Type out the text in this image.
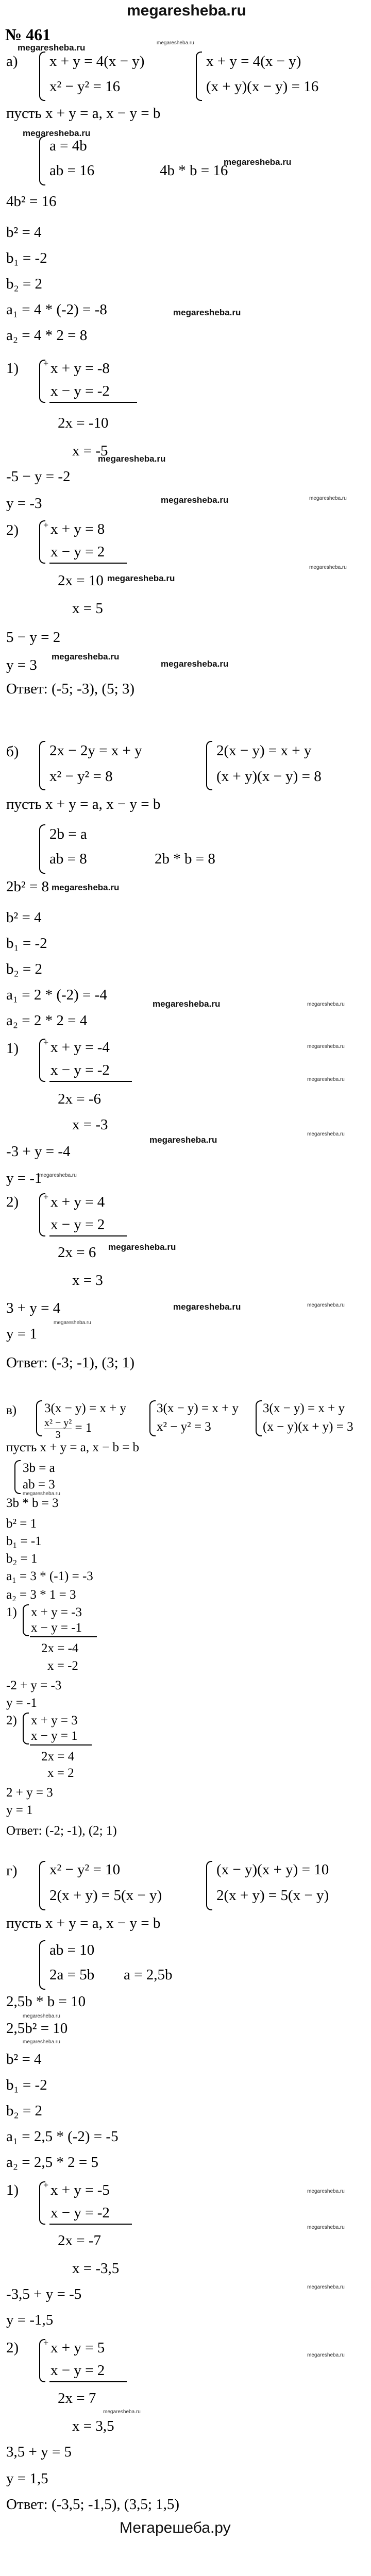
megaresheba.ru
№ 461
megaresheba.ru	megaresheba.ru
а) x + y = 4(x − y)
x² − y² = 16
x + y = 4(x − y)
(x + y)(x − y) = 16
пусть x + y = a, x − y = b
megaresheba.ru
a = 4b
ab = 16	4b * b = 16
megaresheba.ru
4b² = 16
b² = 4
b₁ = -2
b₂ = 2
a₁ = 4 * (-2) = -8	megaresheba.ru
a₂ = 4 * 2 = 8
1)	+ x + y = -8
x − y = -2
2x = -10
x = -5
megaresheba.ru
-5 − y = -2
y = -3	megaresheba.ru	megaresheba.ru
2)	+ x + y = 8
x − y = 2
2x = 10 megaresheba.ru
megaresheba.ru
x = 5
5 − y = 2
y = 3
megaresheba.ru
megaresheba.ru
Ответ: (-5; -3), (5; 3)
б) 2x − 2y = x + y
x² − y² = 8
2(x − y) = x + y
(x + y)(x − y) = 8
пусть x + y = a, x − y = b
2b = a
ab = 8	2b * b = 8
2b² = 8 megaresheba.ru
b² = 4
b₁ = -2
b₂ = 2
a₁ = 2 * (-2) = -4
a₂ = 2 * 2 = 4
megaresheba.ru	megaresheba.ru
1)	+ x + y = -4
x − y = -2
2x = -6
megaresheba.ru
megaresheba.ru
x = -3
-3 + y = -4
megaresheba.ru
megaresheba.ru
y = -1
megaresheba.ru
2)	+ x + y = 4
x − y = 2
2x = 6 megaresheba.ru
x = 3
3 + y = 4	megaresheba.ru	megaresheba.ru
megaresheba.ru
y = 1
Ответ: (-3; -1), (3; 1)
в) 3(x − y) = x + y
$\frac{\text{x² − y²}}{3} = 1$
3(x − y) = x + y
x² − y² = 3
3(x − y) = x + y
(x − y)(x + y) = 3
пусть x + y = a, x − b = b
3b = a
ab = 3
megaresheba.ru
3b * b = 3
b² = 1
b₁ = -1
b₂ = 1
a₁ = 3 * (-1) = -3
a₂ = 3 * 1 = 3
1) x + y = -3
x − y = -1
2x = -4
x = -2
-2 + y = -3
y = -1
2) x + y = 3
x − y = 1
2x = 4
x = 2
2 + y = 3
y = 1
Ответ: (-2; -1), (2; 1)
г) x² − y² = 10
2(x + y) = 5(x − y)
(x − y)(x + y) = 10
2(x + y) = 5(x − y)
пусть x + y = a, x − y = b
ab = 10
2a = 5b a = 2,5b
2,5b * b = 10
2,5b² = 10
megaresheba.ru
megaresheba.ru
b² = 4
b₁ = -2
b₂ = 2
a₁ = 2,5 * (-2) = -5
a₂ = 2,5 * 2 = 5
1)	+ x + y = -5
x − y = -2
2x = -7
megaresheba.ru
megaresheba.ru
x = -3,5
-3,5 + y = -5	megaresheba.ru
y = -1,5
2)	+ x + y = 5
x − y = 2
megaresheba.ru
2x = 7
x = 3,5
megaresheba.ru
3,5 + y = 5
y = 1,5
Ответ: (-3,5; -1,5), (3,5; 1,5)
Мегарешеба.ру
